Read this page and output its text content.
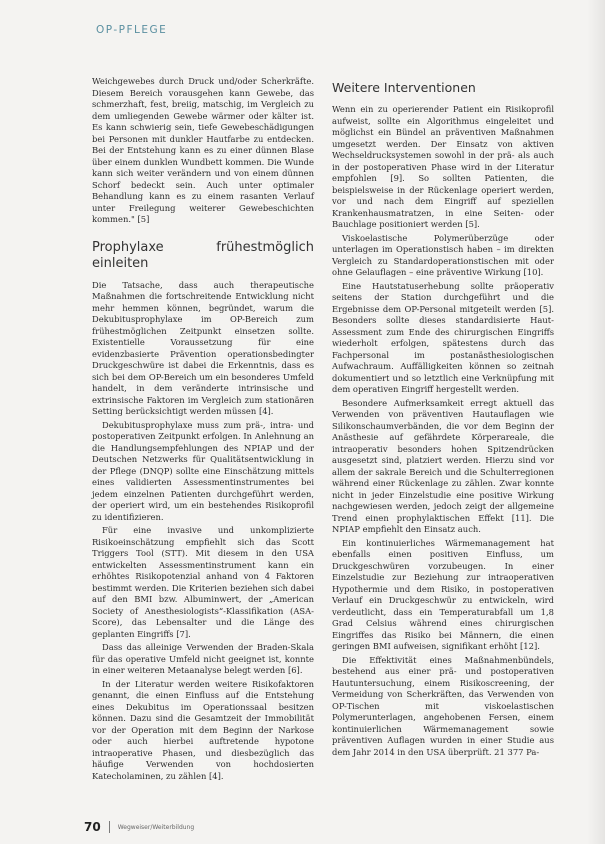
OP-PFLEGE

Weichgewebes durch Druck und/oder Scherkräfte. Diesem Bereich vorausgehen kann Gewebe, das schmerzhaft, fest, breiig, matschig, im Vergleich zu dem umliegenden Gewebe wärmer oder kälter ist. Es kann schwierig sein, tiefe Gewebeschädigungen bei Personen mit dunkler Hautfarbe zu entdecken. Bei der Entstehung kann es zu einer dünnen Blase über einem dunklen Wundbett kommen. Die Wunde kann sich weiter verändern und von einem dünnen Schorf bedeckt sein. Auch unter optimaler Behandlung kann es zu einem rasanten Verlauf unter Freilegung weiterer Gewebeschichten kommen." [5]

Prophylaxe frühestmöglich einleiten

Die Tatsache, dass auch therapeutische Maßnahmen die fortschreitende Entwicklung nicht mehr hemmen können, begründet, warum die Dekubitusprophylaxe im OP-Bereich zum frühestmöglichen Zeitpunkt einsetzen sollte. Existentielle Voraussetzung für eine evidenzbasierte Prävention operationsbedingter Druckgeschwüre ist dabei die Erkenntnis, dass es sich bei dem OP-Bereich um ein besonderes Umfeld handelt, in dem veränderte intrinsische und extrinsische Faktoren im Vergleich zum stationären Setting berücksichtigt werden müssen [4].

Dekubitusprophylaxe muss zum prä-, intra- und postoperativen Zeitpunkt erfolgen. In Anlehnung an die Handlungsempfehlungen des NPIAP und der Deutschen Netzwerks für Qualitätsentwicklung in der Pflege (DNQP) sollte eine Einschätzung mittels eines validierten Assessmentinstrumentes bei jedem einzelnen Patienten durchgeführt werden, der operiert wird, um ein bestehendes Risikoprofil zu identifizieren.

Für eine invasive und unkomplizierte Risikoeinschätzung empfiehlt sich das Scott Triggers Tool (STT). Mit diesem in den USA entwickelten Assessmentinstrument kann ein erhöhtes Risikopotenzial anhand von 4 Faktoren bestimmt werden. Die Kriterien beziehen sich dabei auf den BMI bzw. Albuminwert, der „American Society of Anesthesiologists“-Klassifikation (ASA-Score), das Lebensalter und die Länge des geplanten Eingriffs [7].

Dass das alleinige Verwenden der Braden-Skala für das operative Umfeld nicht geeignet ist, konnte in einer weiteren Metaanalyse belegt werden [6].

In der Literatur werden weitere Risikofaktoren genannt, die einen Einfluss auf die Entstehung eines Dekubitus im Operationssaal besitzen können. Dazu sind die Gesamtzeit der Immobilität vor der Operation mit dem Beginn der Narkose oder auch hierbei auftretende hypotone intraoperative Phasen, und diesbezüglich das häufige Verwenden von hochdosierten Katecholaminen, zu zählen [4].

Weitere Interventionen

Wenn ein zu operierender Patient ein Risikoprofil aufweist, sollte ein Algorithmus eingeleitet und möglichst ein Bündel an präventiven Maßnahmen umgesetzt werden. Der Einsatz von aktiven Wechseldrucksystemen sowohl in der prä- als auch in der postoperativen Phase wird in der Literatur empfohlen [9]. So sollten Patienten, die beispielsweise in der Rückenlage operiert werden, vor und nach dem Eingriff auf speziellen Krankenhausmatratzen, in eine Seiten- oder Bauchlage positioniert werden [5].

Viskoelastische Polymerüberzüge oder unterlagen im Operationstisch haben – im direkten Vergleich zu Standardoperationstischen mit oder ohne Gelauflagen – eine präventive Wirkung [10].

Eine Hautstatuserhebung sollte präoperativ seitens der Station durchgeführt und die Ergebnisse dem OP-Personal mitgeteilt werden [5]. Besonders sollte dieses standardisierte Haut-Assessment zum Ende des chirurgischen Eingriffs wiederholt erfolgen, spätestens durch das Fachpersonal im postanästhesiologischen Aufwachraum. Auffälligkeiten können so zeitnah dokumentiert und so letztlich eine Verknüpfung mit dem operativen Eingriff hergestellt werden.

Besondere Aufmerksamkeit erregt aktuell das Verwenden von präventiven Hautauflagen wie Silikonschaumverbänden, die vor dem Beginn der Anästhesie auf gefährdete Körperareale, die intraoperativ besonders hohen Spitzendrücken ausgesetzt sind, platziert werden. Hierzu sind vor allem der sakrale Bereich und die Schulterregionen während einer Rückenlage zu zählen. Zwar konnte nicht in jeder Einzelstudie eine positive Wirkung nachgewiesen werden, jedoch zeigt der allgemeine Trend einen prophylaktischen Effekt [11]. Die NPIAP empfiehlt den Einsatz auch.

Ein kontinuierliches Wärmemanagement hat ebenfalls einen positiven Einfluss, um Druckgeschwüren vorzubeugen. In einer Einzelstudie zur Beziehung zur intraoperativen Hypothermie und dem Risiko, in postoperativen Verlauf ein Druckgeschwür zu entwickeln, wird verdeutlicht, dass ein Temperaturabfall um 1,8 Grad Celsius während eines chirurgischen Eingriffes das Risiko bei Männern, die einen geringen BMI aufweisen, signifikant erhöht [12].

Die Effektivität eines Maßnahmenbündels, bestehend aus einer prä- und postoperativen Hautuntersuchung, einem Risikoscreening, der Vermeidung von Scherkräften, das Verwenden von OP-Tischen mit viskoelastischen Polymerunterlagen, angehobenen Fersen, einem kontinuierlichen Wärmemanagement sowie präventiven Auflagen wurden in einer Studie aus dem Jahr 2014 in den USA überprüft. 21 377 Pa-

70	Wegweiser/Weiterbildung
